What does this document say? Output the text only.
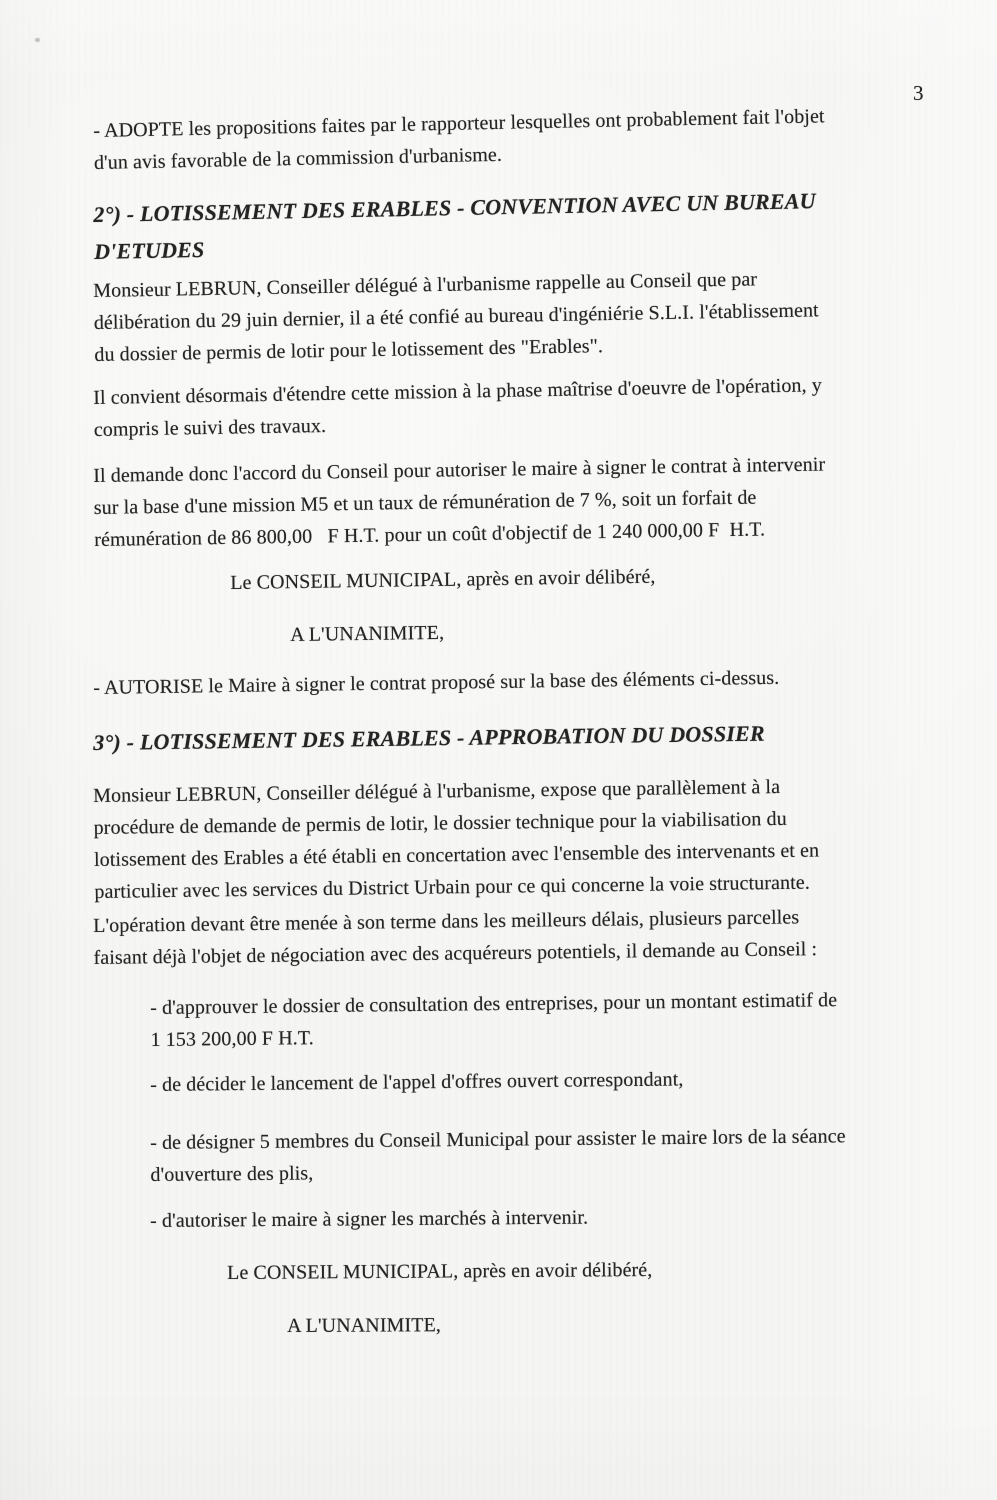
3
- ADOPTE les propositions faites par le rapporteur lesquelles ont probablement fait l'objet
d'un avis favorable de la commission d'urbanisme.
2°) - LOTISSEMENT DES ERABLES - CONVENTION AVEC UN BUREAU
D'ETUDES
Monsieur LEBRUN, Conseiller délégué à l'urbanisme rappelle au Conseil que par
délibération du 29 juin dernier, il a été confié au bureau d'ingéniérie S.L.I. l'établissement
du dossier de permis de lotir pour le lotissement des "Erables".
Il convient désormais d'étendre cette mission à la phase maîtrise d'oeuvre de l'opération, y
compris le suivi des travaux.
Il demande donc l'accord du Conseil pour autoriser le maire à signer le contrat à intervenir
sur la base d'une mission M5 et un taux de rémunération de 7 %, soit un forfait de
rémunération de 86 800,00   F H.T. pour un coût d'objectif de 1 240 000,00 F  H.T.
Le CONSEIL MUNICIPAL, après en avoir délibéré,
A L'UNANIMITE,
- AUTORISE le Maire à signer le contrat proposé sur la base des éléments ci-dessus.
3°) - LOTISSEMENT DES ERABLES - APPROBATION DU DOSSIER
Monsieur LEBRUN, Conseiller délégué à l'urbanisme, expose que parallèlement à la
procédure de demande de permis de lotir, le dossier technique pour la viabilisation du
lotissement des Erables a été établi en concertation avec l'ensemble des intervenants et en
particulier avec les services du District Urbain pour ce qui concerne la voie structurante.
L'opération devant être menée à son terme dans les meilleurs délais, plusieurs parcelles
faisant déjà l'objet de négociation avec des acquéreurs potentiels, il demande au Conseil :
- d'approuver le dossier de consultation des entreprises, pour un montant estimatif de
1 153 200,00 F H.T.
- de décider le lancement de l'appel d'offres ouvert correspondant,
- de désigner 5 membres du Conseil Municipal pour assister le maire lors de la séance
d'ouverture des plis,
- d'autoriser le maire à signer les marchés à intervenir.
Le CONSEIL MUNICIPAL, après en avoir délibéré,
A L'UNANIMITE,
